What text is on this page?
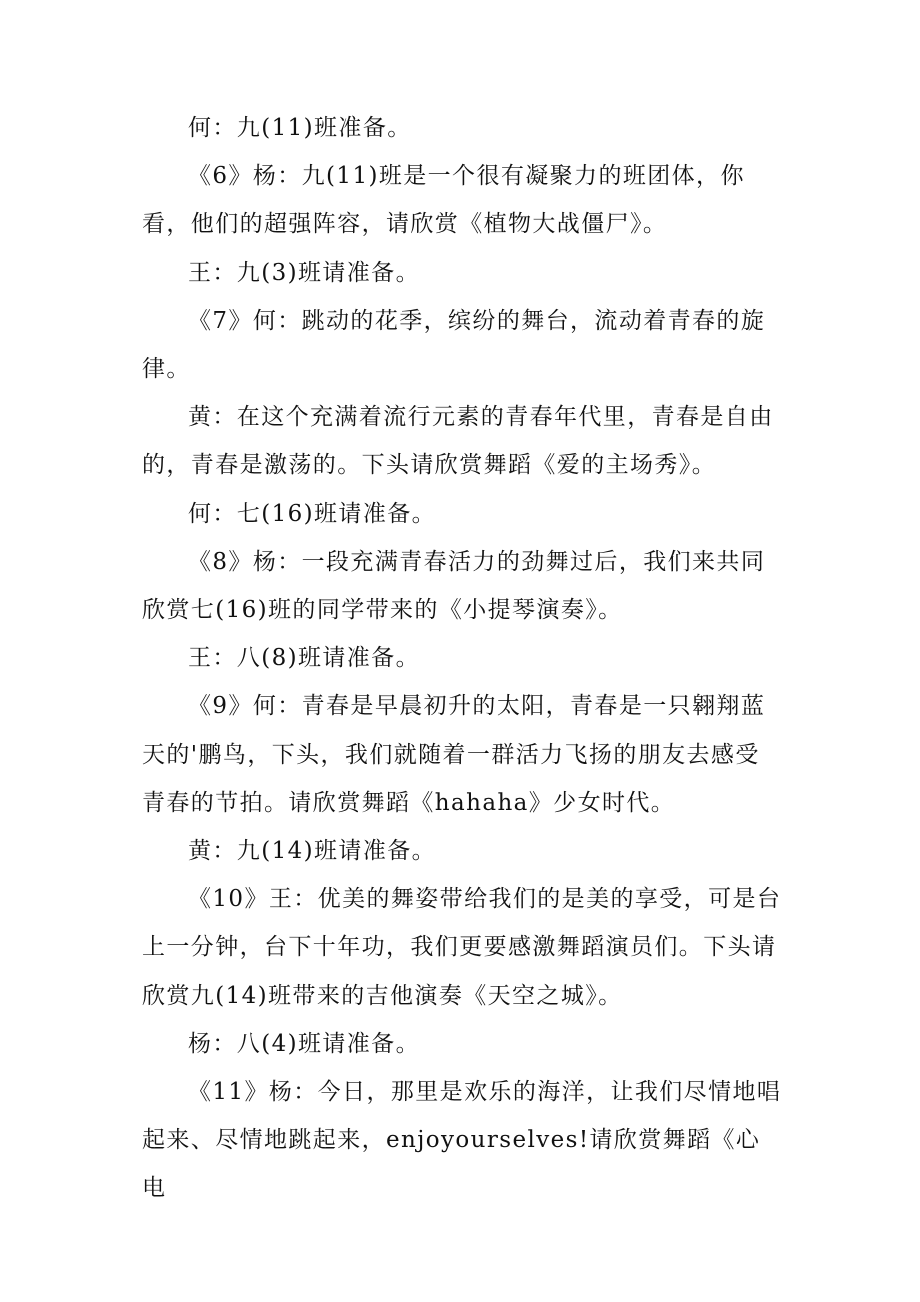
何：九(11)班准备。

《6》杨：九(11)班是一个很有凝聚力的班团体，你看，他们的超强阵容，请欣赏《植物大战僵尸》。

王：九(3)班请准备。

《7》何：跳动的花季，缤纷的舞台，流动着青春的旋律。

黄：在这个充满着流行元素的青春年代里，青春是自由的，青春是激荡的。下头请欣赏舞蹈《爱的主场秀》。

何：七(16)班请准备。

《8》杨：一段充满青春活力的劲舞过后，我们来共同欣赏七(16)班的同学带来的《小提琴演奏》。

王：八(8)班请准备。

《9》何：青春是早晨初升的太阳，青春是一只翱翔蓝天的'鹏鸟，下头，我们就随着一群活力飞扬的朋友去感受青春的节拍。请欣赏舞蹈《hahaha》少女时代。

黄：九(14)班请准备。

《10》王：优美的舞姿带给我们的是美的享受，可是台上一分钟，台下十年功，我们更要感激舞蹈演员们。下头请欣赏九(14)班带来的吉他演奏《天空之城》。

杨：八(4)班请准备。

《11》杨：今日，那里是欢乐的海洋，让我们尽情地唱起来、尽情地跳起来，enjoyourselves!请欣赏舞蹈《心电
